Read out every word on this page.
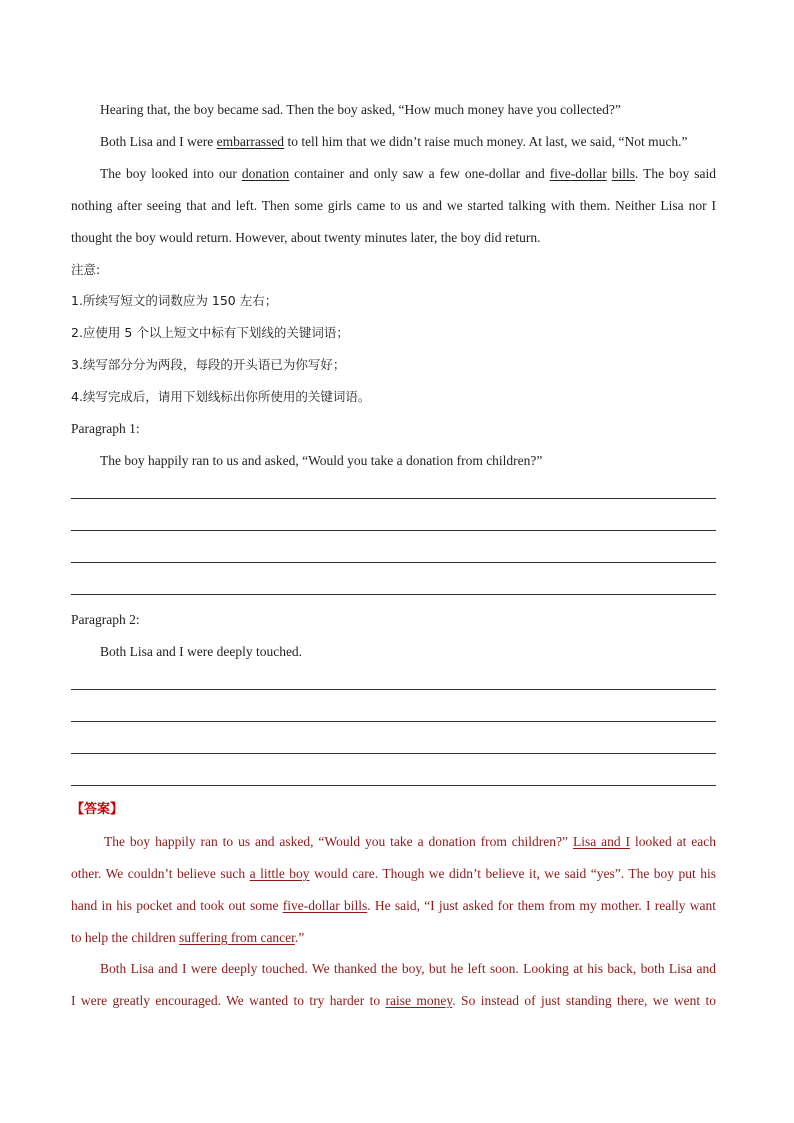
Hearing that, the boy became sad. Then the boy asked, “How much money have you collected?”
Both Lisa and I were embarrassed to tell him that we didn’t raise much money. At last, we said, “Not much.”
The boy looked into our donation container and only saw a few one-dollar and five-dollar bills. The boy said
nothing after seeing that and left. Then some girls came to us and we started talking with them. Neither Lisa nor I
thought the boy would return. However, about twenty minutes later, the boy did return.
注意:
1.所续写短文的词数应为 150 左右；
2.应使用 5 个以上短文中标有下划线的关键词语；
3.续写部分分为两段，每段的开头语已为你写好；
4.续写完成后，请用下划线标出你所使用的关键词语。
Paragraph 1:
The boy happily ran to us and asked, “Would you take a donation from children?”
Paragraph 2:
Both Lisa and I were deeply touched.
【答案】
The boy happily ran to us and asked, “Would you take a donation from children?” Lisa and I looked at each
other. We couldn’t believe such a little boy would care. Though we didn’t believe it, we said “yes”. The boy put his
hand in his pocket and took out some five-dollar bills. He said, “I just asked for them from my mother. I really want
to help the children suffering from cancer.”
Both Lisa and I were deeply touched. We thanked the boy, but he left soon. Looking at his back, both Lisa and
I were greatly encouraged. We wanted to try harder to raise money. So instead of just standing there, we went to
